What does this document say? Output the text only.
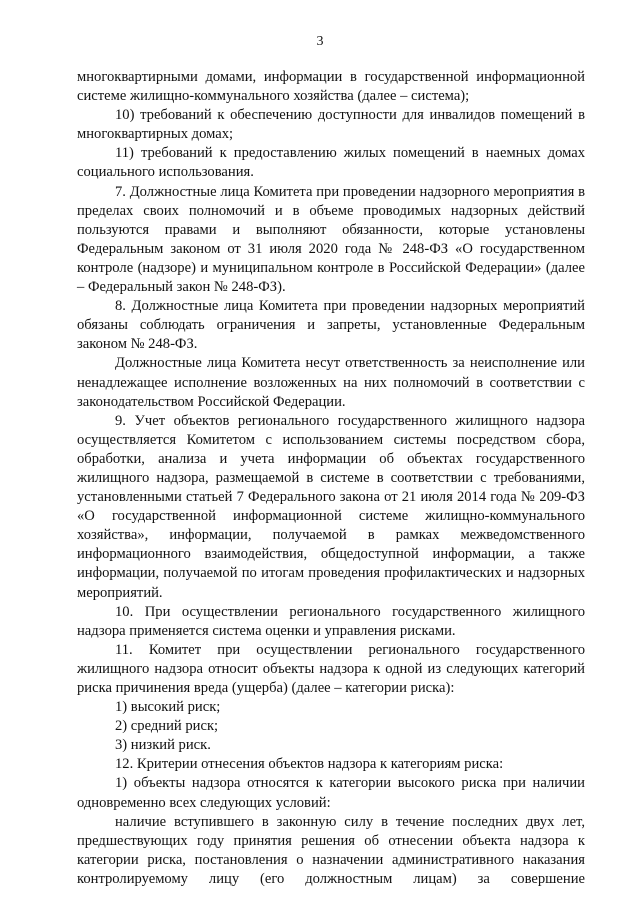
3

многоквартирными домами, информации в государственной информационной системе жилищно-коммунального хозяйства (далее – система);

10) требований к обеспечению доступности для инвалидов помещений в многоквартирных домах;

11) требований к предоставлению жилых помещений в наемных домах социального использования.

7. Должностные лица Комитета при проведении надзорного мероприятия в пределах своих полномочий и в объеме проводимых надзорных действий пользуются правами и выполняют обязанности, которые установлены Федеральным законом от 31 июля 2020 года № 248-ФЗ «О государственном контроле (надзоре) и муниципальном контроле в Российской Федерации» (далее – Федеральный закон № 248-ФЗ).

8. Должностные лица Комитета при проведении надзорных мероприятий обязаны соблюдать ограничения и запреты, установленные Федеральным законом № 248-ФЗ.

Должностные лица Комитета несут ответственность за неисполнение или ненадлежащее исполнение возложенных на них полномочий в соответствии с законодательством Российской Федерации.

9. Учет объектов регионального государственного жилищного надзора осуществляется Комитетом с использованием системы посредством сбора, обработки, анализа и учета информации об объектах государственного жилищного надзора, размещаемой в системе в соответствии с требованиями, установленными статьей 7 Федерального закона от 21 июля 2014 года № 209-ФЗ «О государственной информационной системе жилищно-коммунального хозяйства», информации, получаемой в рамках межведомственного информационного взаимодействия, общедоступной информации, а также информации, получаемой по итогам проведения профилактических и надзорных мероприятий.

10. При осуществлении регионального государственного жилищного надзора применяется система оценки и управления рисками.

11. Комитет при осуществлении регионального государственного жилищного надзора относит объекты надзора к одной из следующих категорий риска причинения вреда (ущерба) (далее – категории риска):

1) высокий риск;

2) средний риск;

3) низкий риск.

12. Критерии отнесения объектов надзора к категориям риска:

1) объекты надзора относятся к категории высокого риска при наличии одновременно всех следующих условий:

наличие вступившего в законную силу в течение последних двух лет, предшествующих году принятия решения об отнесении объекта надзора к категории риска, постановления о назначении административного наказания контролируемому лицу (его должностным лицам) за совершение
